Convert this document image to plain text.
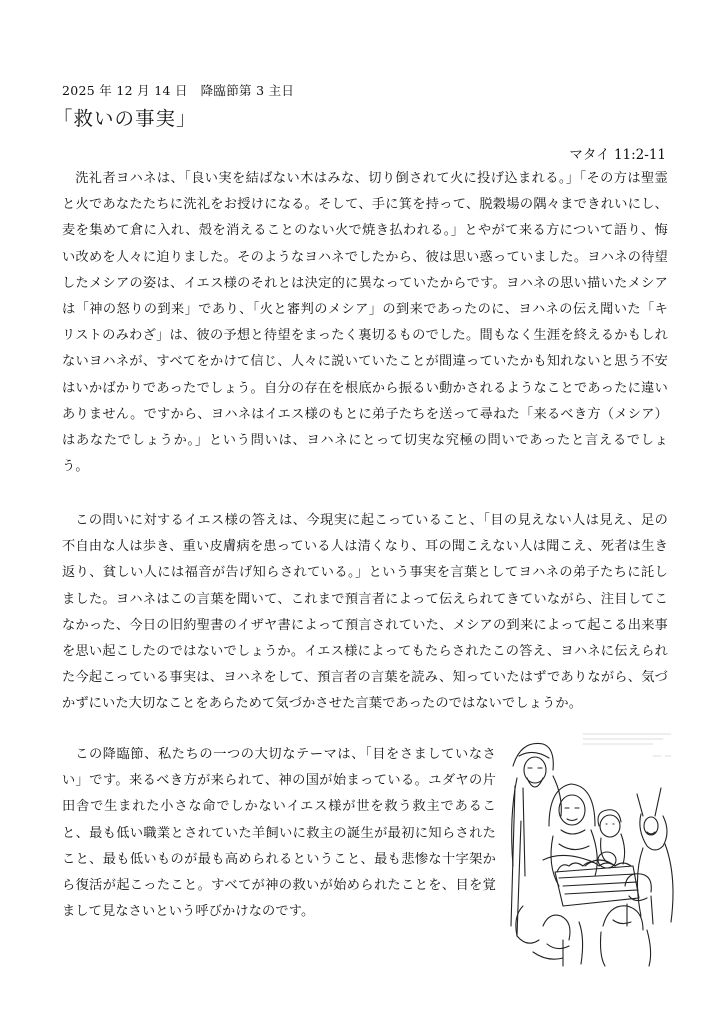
2025 年 12 月 14 日　降臨節第 3 主日
「救いの事実」
マタイ 11:2-11

洗礼者ヨハネは、「良い実を結ばない木はみな、切り倒されて火に投げ込まれる。」「その方は聖霊と火であなたたちに洗礼をお授けになる。そして、手に箕を持って、脱穀場の隅々まできれいにし、麦を集めて倉に入れ、殻を消えることのない火で焼き払われる。」とやがて来る方について語り、悔い改めを人々に迫りました。そのようなヨハネでしたから、彼は思い惑っていました。ヨハネの待望したメシアの姿は、イエス様のそれとは決定的に異なっていたからです。ヨハネの思い描いたメシアは「神の怒りの到来」であり、「火と審判のメシア」の到来であったのに、ヨハネの伝え聞いた「キリストのみわざ」は、彼の予想と待望をまったく裏切るものでした。間もなく生涯を終えるかもしれないヨハネが、すべてをかけて信じ、人々に説いていたことが間違っていたかも知れないと思う不安はいかばかりであったでしょう。自分の存在を根底から振るい動かされるようなことであったに違いありません。ですから、ヨハネはイエス様のもとに弟子たちを送って尋ねた「来るべき方（メシア）はあなたでしょうか。」という問いは、ヨハネにとって切実な究極の問いであったと言えるでしょう。

この問いに対するイエス様の答えは、今現実に起こっていること、「目の見えない人は見え、足の不自由な人は歩き、重い皮膚病を患っている人は清くなり、耳の聞こえない人は聞こえ、死者は生き返り、貧しい人には福音が告げ知らされている。」という事実を言葉としてヨハネの弟子たちに託しました。ヨハネはこの言葉を聞いて、これまで預言者によって伝えられてきていながら、注目してこなかった、今日の旧約聖書のイザヤ書によって預言されていた、メシアの到来によって起こる出来事を思い起こしたのではないでしょうか。イエス様によってもたらされたこの答え、ヨハネに伝えられた今起こっている事実は、ヨハネをして、預言者の言葉を読み、知っていたはずでありながら、気づかずにいた大切なことをあらためて気づかさせた言葉であったのではないでしょうか。

この降臨節、私たちの一つの大切なテーマは、「目をさましていなさい」です。来るべき方が来られて、神の国が始まっている。ユダヤの片田舎で生まれた小さな命でしかないイエス様が世を救う救主であること、最も低い職業とされていた羊飼いに救主の誕生が最初に知らされたこと、最も低いものが最も高められるということ、最も悲惨な十字架から復活が起こったこと。すべてが神の救いが始められたことを、目を覚まして見なさいという呼びかけなのです。
